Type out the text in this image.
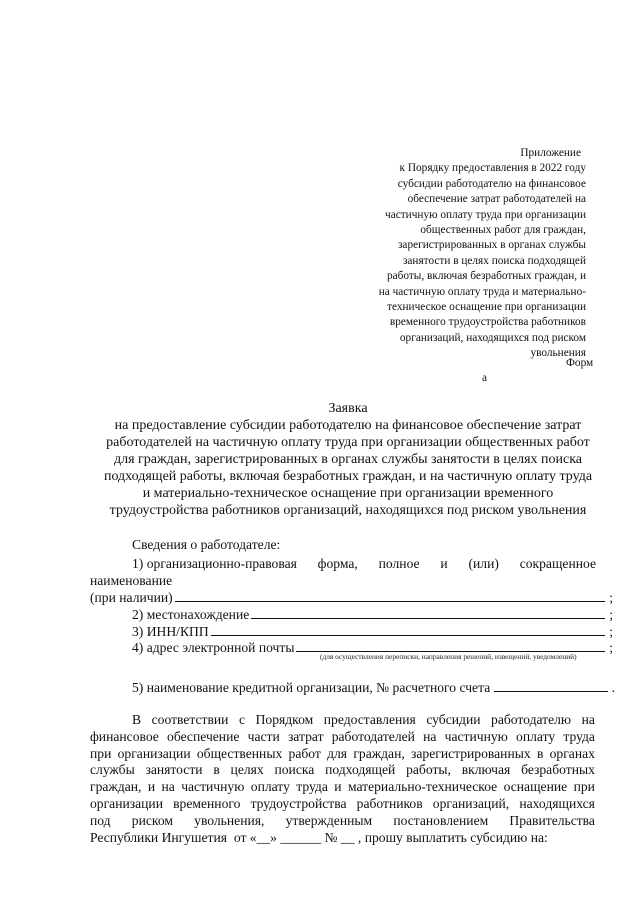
Приложение
к Порядку предоставления в 2022 году
субсидии работодателю на финансовое
обеспечение затрат работодателей на
частичную оплату труда при организации
общественных работ для граждан,
зарегистрированных в органах службы
занятости в целях поиска подходящей
работы, включая безработных граждан, и
на частичную оплату труда и материально-
техническое оснащение при организации
временного трудоустройства работников
организаций, находящихся под риском
увольнения
Форм
а
Заявка
на предоставление субсидии работодателю на финансовое обеспечение затрат
работодателей на частичную оплату труда при организации общественных работ
для граждан, зарегистрированных в органах службы занятости в целях поиска
подходящей работы, включая безработных граждан, и на частичную оплату труда
и материально-техническое оснащение при организации временного
трудоустройства работников организаций, находящихся под риском увольнения
Сведения о работодателе:
1) организационно-правовая форма, полное и (или) сокращенное
наименование
(при наличии)	;
2) местонахождение	;
3) ИНН/КПП	;
4) адрес электронной почты	;
(для осуществления переписки, направления решений, извещений, уведомлений)
5) наименование кредитной организации, № расчетного счета	.
В соответствии с Порядком предоставления субсидии работодателю на
финансовое обеспечение части затрат работодателей на частичную оплату труда
при организации общественных работ для граждан, зарегистрированных в органах
службы занятости в целях поиска подходящей работы, включая безработных
граждан, и на частичную оплату труда и материально-техническое оснащение при
организации временного трудоустройства работников организаций, находящихся
под риском увольнения, утвержденным постановлением Правительства
Республики Ингушетия  от «__» ______ № __ , прошу выплатить субсидию на:
